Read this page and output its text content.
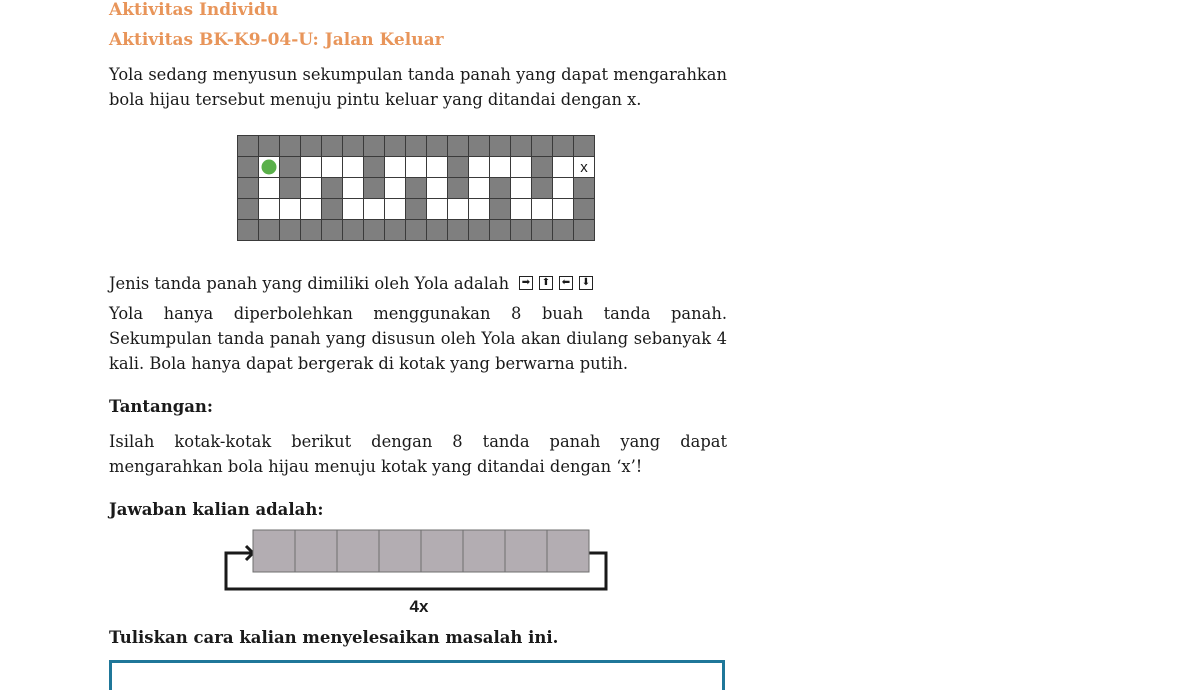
Aktivitas Individu
Aktivitas BK-K9-04-U: Jalan Keluar

Yola sedang menyusun sekumpulan tanda panah yang dapat mengarahkan bola hijau tersebut menuju pintu keluar yang ditandai dengan x.

x
Jenis tanda panah yang dimiliki oleh Yola adalah	➡ ⬆ ⬅ ⬇

Yola hanya diperbolehkan menggunakan 8 buah tanda panah. Sekumpulan tanda panah yang disusun oleh Yola akan diulang sebanyak 4 kali. Bola hanya dapat bergerak di kotak yang berwarna putih.

Tantangan:

Isilah kotak-kotak berikut dengan 8 tanda panah yang dapat mengarahkan bola hijau menuju kotak yang ditandai dengan ‘x’!

Jawaban kalian adalah:
4x
Tuliskan cara kalian menyelesaikan masalah ini.
